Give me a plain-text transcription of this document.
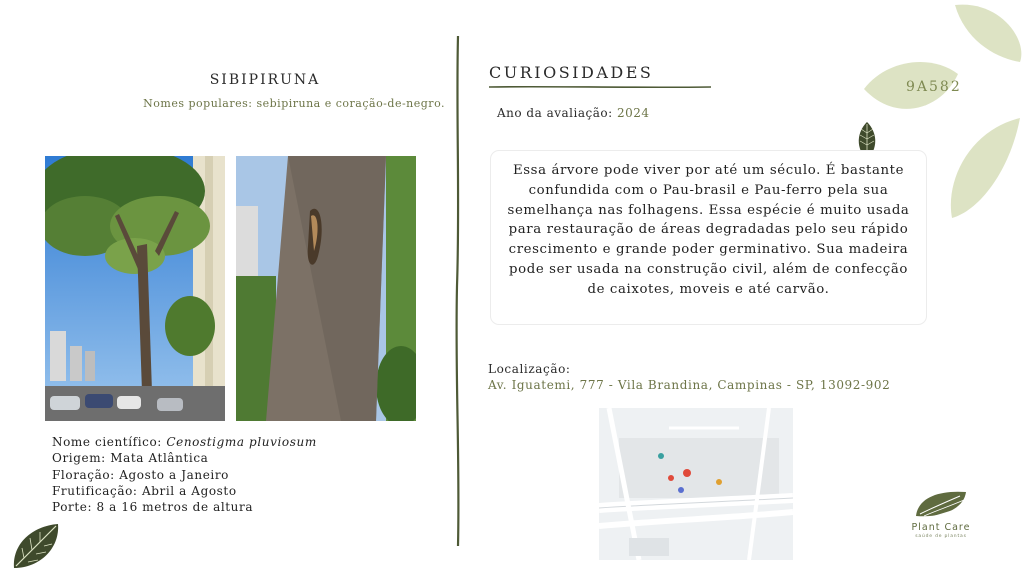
SIBIPIRUNA
Nomes populares: sebipiruna e coração-de-negro.
Nome científico: Cenostigma pluviosum
Origem: Mata Atlântica
Floração: Agosto a Janeiro
Frutificação: Abril a Agosto
Porte: 8 a 16 metros de altura
CURIOSIDADES
9A582
Ano da avaliação: 2024
Essa árvore pode viver por até um século. É bastante confundida com o Pau-brasil e Pau-ferro pela sua semelhança nas folhagens. Essa espécie é muito usada para restauração de áreas degradadas pelo seu rápido crescimento e grande poder germinativo. Sua madeira pode ser usada na construção civil, além de confecção de caixotes, moveis e até carvão.
Localização:
Av. Iguatemi, 777 - Vila Brandina, Campinas - SP, 13092-902
Plant Care
saúde de plantas
